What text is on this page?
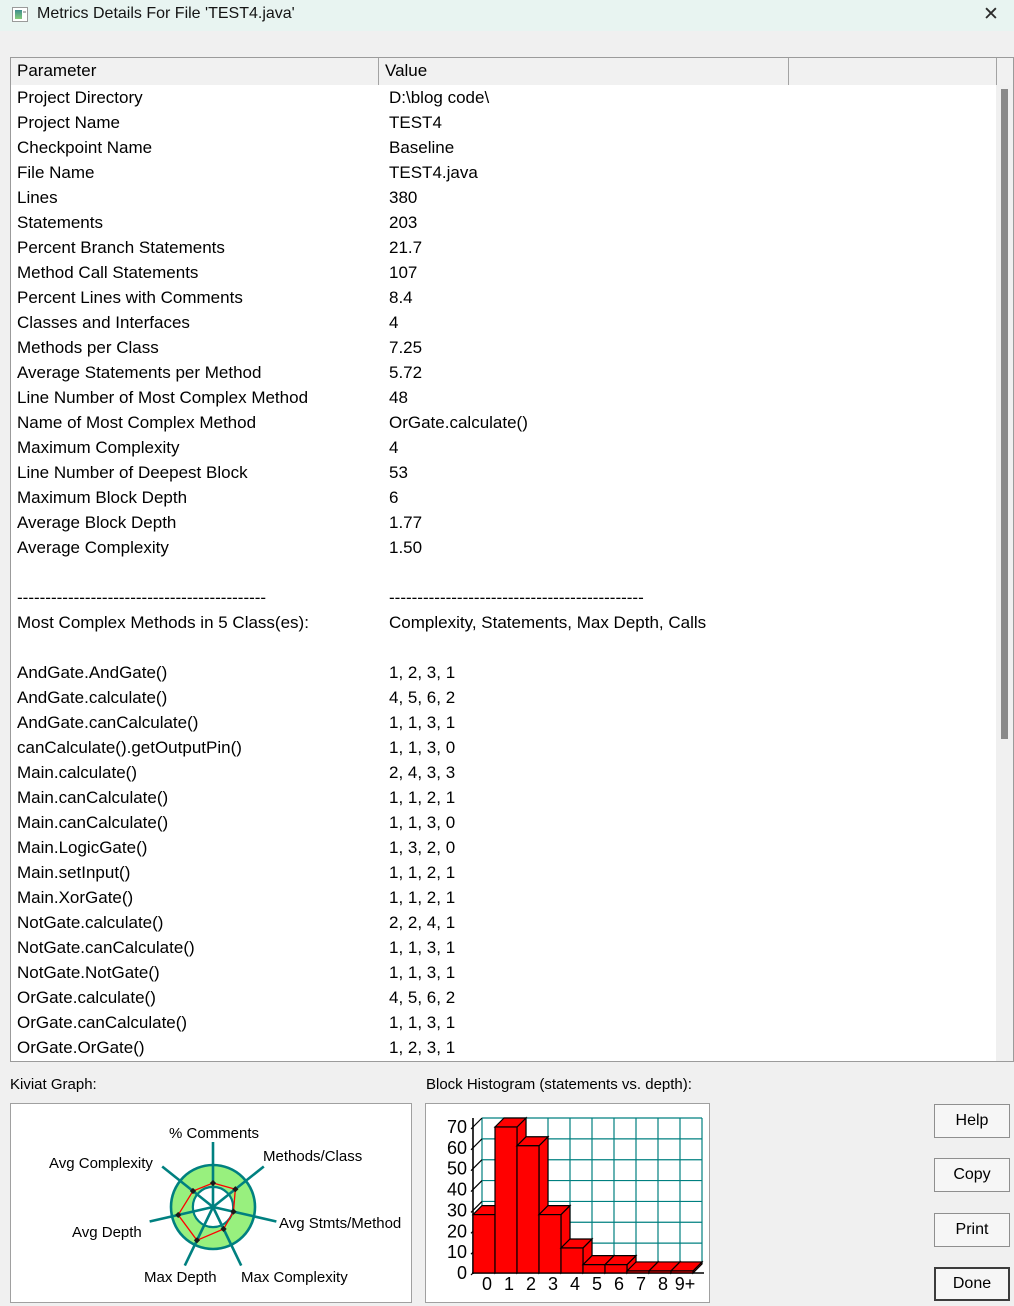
Metrics Details For File 'TEST4.java'	✕
Parameter	Value
Project Directory	D:\blog code\
Project Name	TEST4
Checkpoint Name	Baseline
File Name	TEST4.java
Lines	380
Statements	203
Percent Branch Statements	21.7
Method Call Statements	107
Percent Lines with Comments	8.4
Classes and Interfaces	4
Methods per Class	7.25
Average Statements per Method	5.72
Line Number of Most Complex Method	48
Name of Most Complex Method	OrGate.calculate()
Maximum Complexity	4
Line Number of Deepest Block	53
Maximum Block Depth	6
Average Block Depth	1.77
Average Complexity	1.50
--------------------------------------------	---------------------------------------------
Most Complex Methods in 5 Class(es):	Complexity, Statements, Max Depth, Calls
AndGate.AndGate()	1, 2, 3, 1
AndGate.calculate()	4, 5, 6, 2
AndGate.canCalculate()	1, 1, 3, 1
canCalculate().getOutputPin()	1, 1, 3, 0
Main.calculate()	2, 4, 3, 3
Main.canCalculate()	1, 1, 2, 1
Main.canCalculate()	1, 1, 3, 0
Main.LogicGate()	1, 3, 2, 0
Main.setInput()	1, 1, 2, 1
Main.XorGate()	1, 1, 2, 1
NotGate.calculate()	2, 2, 4, 1
NotGate.canCalculate()	1, 1, 3, 1
NotGate.NotGate()	1, 1, 3, 1
OrGate.calculate()	4, 5, 6, 2
OrGate.canCalculate()	1, 1, 3, 1
OrGate.OrGate()	1, 2, 3, 1
Kiviat Graph:	Block Histogram (statements vs. depth):
% Comments
Methods/Class
Avg Stmts/Method
Max Complexity
Max Depth
Avg Depth
Avg Complexity
0
10
20
30
40
50
60
70
0 1 2 3 4 5 6 7 8 9+
Help
Copy
Print
Done
